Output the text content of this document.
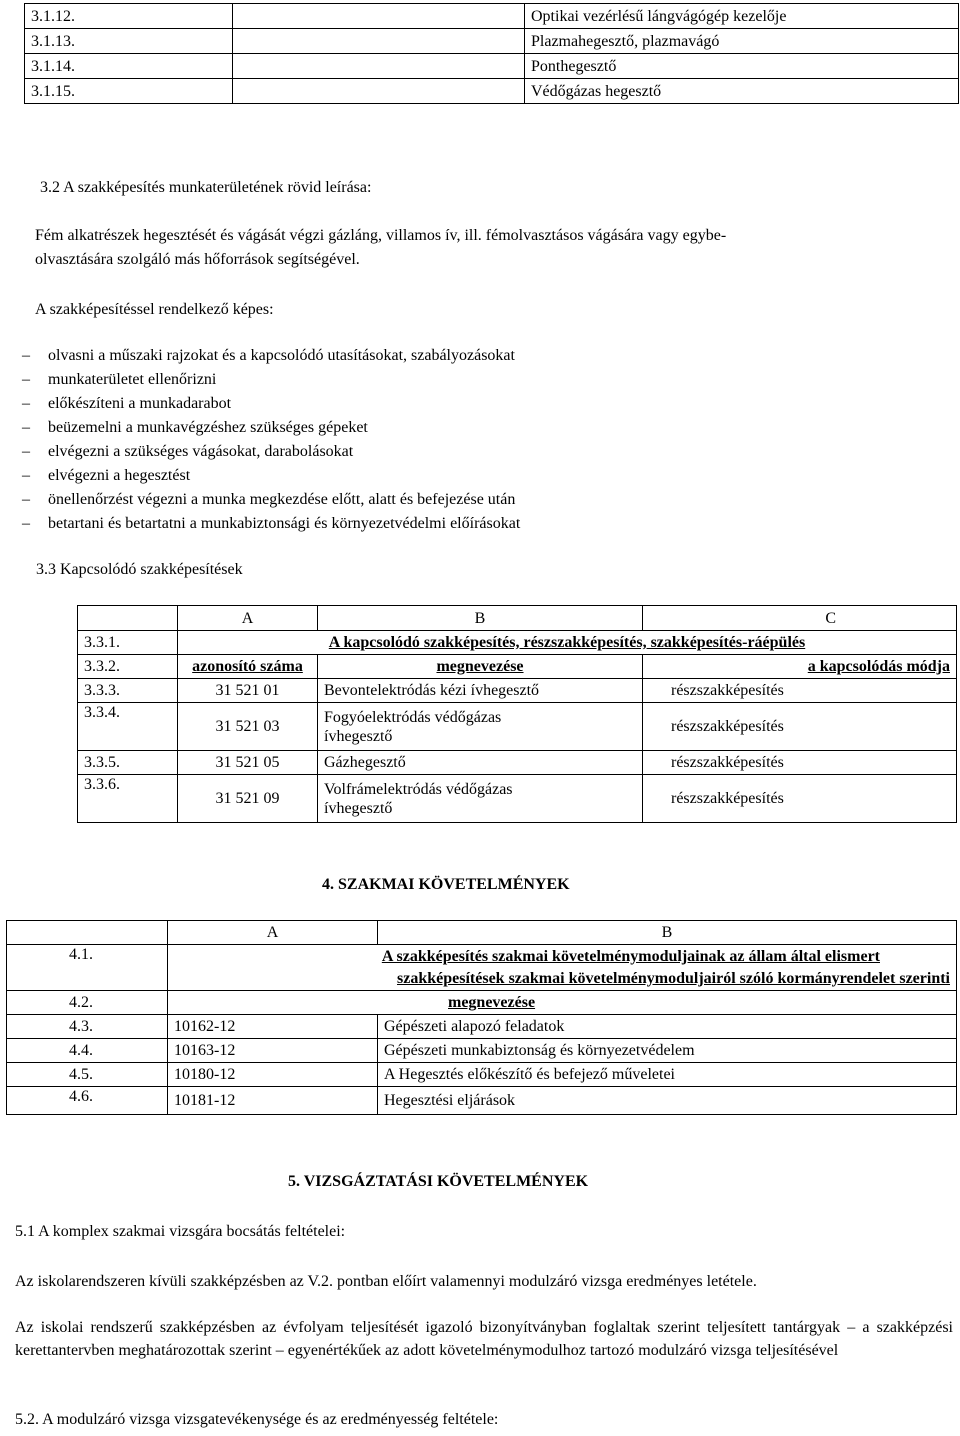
3.1.12.		Optikai vezérlésű lángvágógép kezelője
3.1.13.		Plazmahegesztő, plazmavágó
3.1.14.		Ponthegesztő
3.1.15.		Védőgázas hegesztő
3.2 A szakképesítés munkaterületének rövid leírása:
Fém alkatrészek hegesztését és vágását végzi gázláng, villamos ív, ill. fémolvasztásos vágására vagy egybe-
olvasztására szolgáló más hőforrások segítségével.
A szakképesítéssel rendelkező képes:
– olvasni a műszaki rajzokat és a kapcsolódó utasításokat, szabályozásokat
– munkaterületet ellenőrizni
– előkészíteni a munkadarabot
– beüzemelni a munkavégzéshez szükséges gépeket
– elvégezni a szükséges vágásokat, darabolásokat
– elvégezni a hegesztést
– önellenőrzést végezni a munka megkezdése előtt, alatt és befejezése után
– betartani és betartatni a munkabiztonsági és környezetvédelmi előírásokat
3.3 Kapcsolódó szakképesítések
	A	B	C
3.3.1.	A kapcsolódó szakképesítés, részszakképesítés, szakképesítés-ráépülés		
3.3.2.	azonosító száma	megnevezése	a kapcsolódás módja
3.3.3.	31 521 01	Bevontelektródás kézi ívhegesztő	részszakképesítés
3.3.4.	31 521 03	Fogyóelektródás védőgázas ívhegesztő	részszakképesítés
3.3.5.	31 521 05	Gázhegesztő	részszakképesítés
3.3.6.	31 521 09	Volfrámelektródás védőgázas ívhegesztő	részszakképesítés
4. SZAKMAI KÖVETELMÉNYEK
	A	B
4.1.	A szakképesítés szakmai követelménymoduljainak az állam által elismert
szakképesítések szakmai követelménymoduljairól szóló kormányrendelet szerinti	

4.2.	megnevezése	
4.3.	10162-12	Gépészeti alapozó feladatok
4.4.	10163-12	Gépészeti munkabiztonság és környezetvédelem
4.5.	10180-12	A Hegesztés előkészítő és befejező műveletei
4.6.	10181-12	Hegesztési eljárások
5. VIZSGÁZTATÁSI KÖVETELMÉNYEK
5.1 A komplex szakmai vizsgára bocsátás feltételei:
Az iskolarendszeren kívüli szakképzésben az V.2. pontban előírt valamennyi modulzáró vizsga eredményes letétele.
Az iskolai rendszerű szakképzésben az évfolyam teljesítését igazoló bizonyítványban foglaltak szerint teljesített tantárgyak – a szakképzési kerettantervben meghatározottak szerint – egyenértékűek az adott követelménymodulhoz tartozó modulzáró vizsga teljesítésével
5.2. A modulzáró vizsga vizsgatevékenysége és az eredményesség feltétele:
